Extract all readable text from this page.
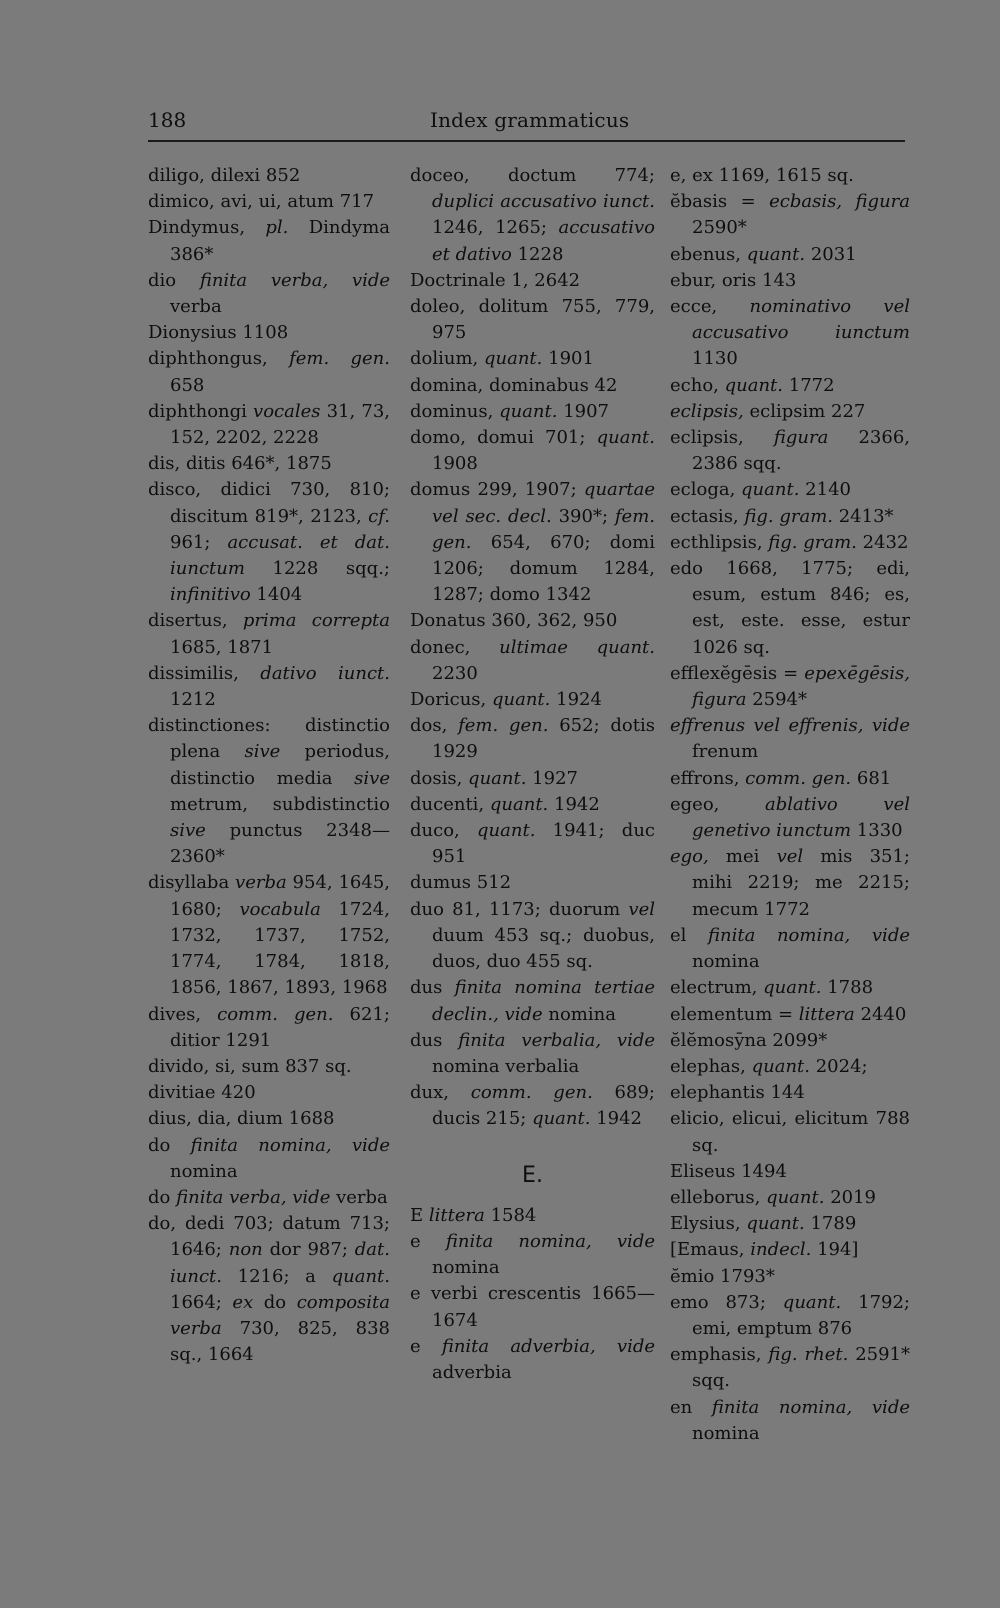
188	Index grammaticus
diligo, dilexi 852
dimico, avi, ui, atum 717
Dindymus, pl. Dindyma 386*
dio finita verba, vide verba
Dionysius 1108
diphthongus, fem. gen. 658
diphthongi vocales 31, 73, 152, 2202, 2228
dis, ditis 646*, 1875
disco, didici 730, 810; discitum 819*, 2123, cf. 961; accusat. et dat. iunctum 1228 sqq.; infinitivo 1404
disertus, prima correpta 1685, 1871
dissimilis, dativo iunct. 1212
distinctiones: distinctio plena sive periodus, distinctio media sive metrum, subdistinctio sive punctus 2348—2360*
disyllaba verba 954, 1645, 1680; vocabula 1724, 1732, 1737, 1752, 1774, 1784, 1818, 1856, 1867, 1893, 1968
dives, comm. gen. 621; ditior 1291
divido, si, sum 837 sq.
divitiae 420
dius, dia, dium 1688
do finita nomina, vide nomina
do finita verba, vide verba
do, dedi 703; datum 713; 1646; non dor 987; dat. iunct. 1216; a quant. 1664; ex do composita verba 730, 825, 838 sq., 1664
doceo, doctum 774; duplici accusativo iunct. 1246, 1265; accusativo et dativo 1228
Doctrinale 1, 2642
doleo, dolitum 755, 779, 975
dolium, quant. 1901
domina, dominabus 42
dominus, quant. 1907
domo, domui 701; quant. 1908
domus 299, 1907; quartae vel sec. decl. 390*; fem. gen. 654, 670; domi 1206; domum 1284, 1287; domo 1342
Donatus 360, 362, 950
donec, ultimae quant. 2230
Doricus, quant. 1924
dos, fem. gen. 652; dotis 1929
dosis, quant. 1927
ducenti, quant. 1942
duco, quant. 1941; duc 951
dumus 512
duo 81, 1173; duorum vel duum 453 sq.; duobus, duos, duo 455 sq.
dus finita nomina tertiae declin., vide nomina
dus finita verbalia, vide nomina verbalia
dux, comm. gen. 689; ducis 215; quant. 1942
E.
E littera 1584
e finita nomina, vide nomina
e verbi crescentis 1665—1674
e finita adverbia, vide adverbia
e, ex 1169, 1615 sq.
ĕbasis = ecbasis, figura 2590*
ebenus, quant. 2031
ebur, oris 143
ecce, nominativo vel accusativo iunctum 1130
echo, quant. 1772
eclipsis, eclipsim 227
eclipsis, figura 2366, 2386 sqq.
ecloga, quant. 2140
ectasis, fig. gram. 2413*
ecthlipsis, fig. gram. 2432
edo 1668, 1775; edi, esum, estum 846; es, est, este. esse, estur 1026 sq.
efflexĕgēsis = epexēgēsis, figura 2594*
effrenus vel effrenis, vide frenum
effrons, comm. gen. 681
egeo, ablativo vel genetivo iunctum 1330
ego, mei vel mis 351; mihi 2219; me 2215; mecum 1772
el finita nomina, vide nomina
electrum, quant. 1788
elementum = littera 2440
ĕlĕmosȳna 2099*
elephas, quant. 2024;
elephantis 144
elicio, elicui, elicitum 788 sq.
Eliseus 1494
elleborus, quant. 2019
Elysius, quant. 1789
[Emaus, indecl. 194]
ĕmio 1793*
emo 873; quant. 1792; emi, emptum 876
emphasis, fig. rhet. 2591* sqq.
en finita nomina, vide nomina
